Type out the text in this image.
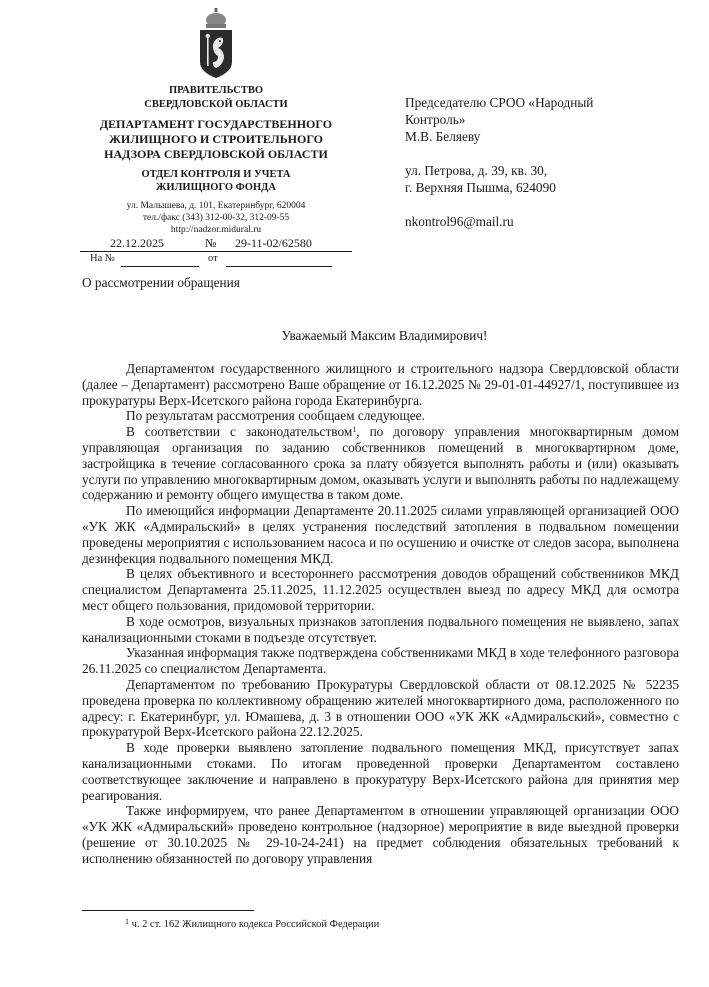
ПРАВИТЕЛЬСТВО
СВЕРДЛОВСКОЙ ОБЛАСТИ
ДЕПАРТАМЕНТ ГОСУДАРСТВЕННОГО
ЖИЛИЩНОГО И СТРОИТЕЛЬНОГО
НАДЗОРА СВЕРДЛОВСКОЙ ОБЛАСТИ
ОТДЕЛ КОНТРОЛЯ И УЧЕТА
ЖИЛИЩНОГО ФОНДА
ул. Малышева, д. 101, Екатеринбург, 620004
тел./факс (343) 312-00-32, 312-09-55
http://nadzor.midural.ru
22.12.2025	№ 29-11-02/62580
На №	от
Председателю СРОО «Народный
Контроль»
М.В. Беляеву
ул. Петрова, д. 39, кв. 30,
г. Верхняя Пышма, 624090
nkontrol96@mail.ru
О рассмотрении обращения
Уважаемый Максим Владимирович!

Департаментом государственного жилищного и строительного надзора Свердловской области (далее – Департамент) рассмотрено Ваше обращение от 16.12.2025 № 29-01-01-44927/1, поступившее из прокуратуры Верх-Исетского района города Екатеринбурга.

По результатам рассмотрения сообщаем следующее.

В соответствии с законодательством$^1$, по договору управления многоквартирным домом управляющая организация по заданию собственников помещений в многоквартирном доме, застройщика в течение согласованного срока за плату обязуется выполнять работы и (или) оказывать услуги по управлению многоквартирным домом, оказывать услуги и выполнять работы по надлежащему содержанию и ремонту общего имущества в таком доме.

По имеющийся информации Департаменте 20.11.2025 силами управляющей организацией ООО «УК ЖК «Адмиральский» в целях устранения последствий затопления в подвальном помещении проведены мероприятия с использованием насоса и по осушению и очистке от следов засора, выполнена дезинфекция подвального помещения МКД.

В целях объективного и всестороннего рассмотрения доводов обращений собственников МКД специалистом Департамента 25.11.2025, 11.12.2025 осуществлен выезд по адресу МКД для осмотра мест общего пользования, придомовой территории.

В ходе осмотров, визуальных признаков затопления подвального помещения не выявлено, запах канализационными стоками в подъезде отсутствует.

Указанная информация также подтверждена собственниками МКД в ходе телефонного разговора 26.11.2025 со специалистом Департамента.

Департаментом по требованию Прокуратуры Свердловской области от 08.12.2025 № 52235 проведена проверка по коллективному обращению жителей многоквартирного дома, расположенного по адресу: г. Екатеринбург, ул. Юмашева, д. 3 в отношении ООО «УК ЖК «Адмиральский», совместно с прокуратурой Верх-Исетского района 22.12.2025.

В ходе проверки выявлено затопление подвального помещения МКД, присутствует запах канализационными стоками. По итогам проведенной проверки Департаментом составлено соответствующее заключение и направлено в прокуратуру Верх-Исетского района для принятия мер реагирования.

Также информируем, что ранее Департаментом в отношении управляющей организации ООО «УК ЖК «Адмиральский» проведено контрольное (надзорное) мероприятие в виде выездной проверки (решение от 30.10.2025 № 29-10-24-241) на предмет соблюдения обязательных требований к исполнению обязанностей по договору управления

$^1$ ч. 2 ст. 162 Жилищного кодекса Российской Федерации
